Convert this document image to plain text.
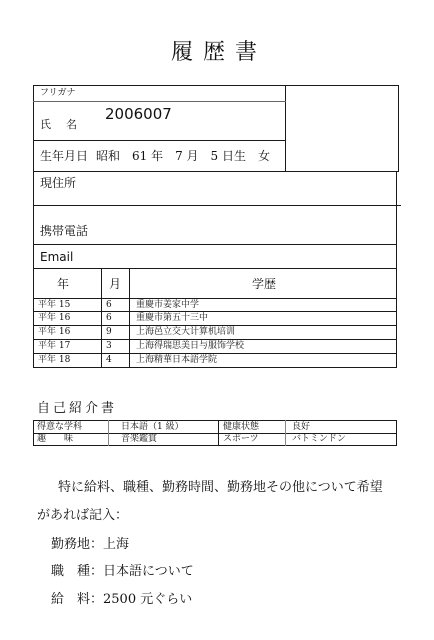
履歴書
フリガナ
氏　名
2006007
生年月日 昭和　61 年　7 月　5 日生　女
現住所
携帯電話
Email
年	月	学歴
平年 15	6	重慶市姜家中学
平年 16	6	重慶市第五十三中
平年 16	9	上海邑立交大计算机培训
平年 17	3	上海得瑞思美日与服饰学校
平年 18	4	上海精華日本語学院
自己紹介書
得意な学科	日本語（1 級）	健康状態	良好
趣　　味	音楽鑑賞	スポーツ	バトミンドン
特に給料、職種、勤務時間、勤務地その他について希望
があれば記入：
勤務地：上海
職　種：日本語について
給　料：2500 元ぐらい
